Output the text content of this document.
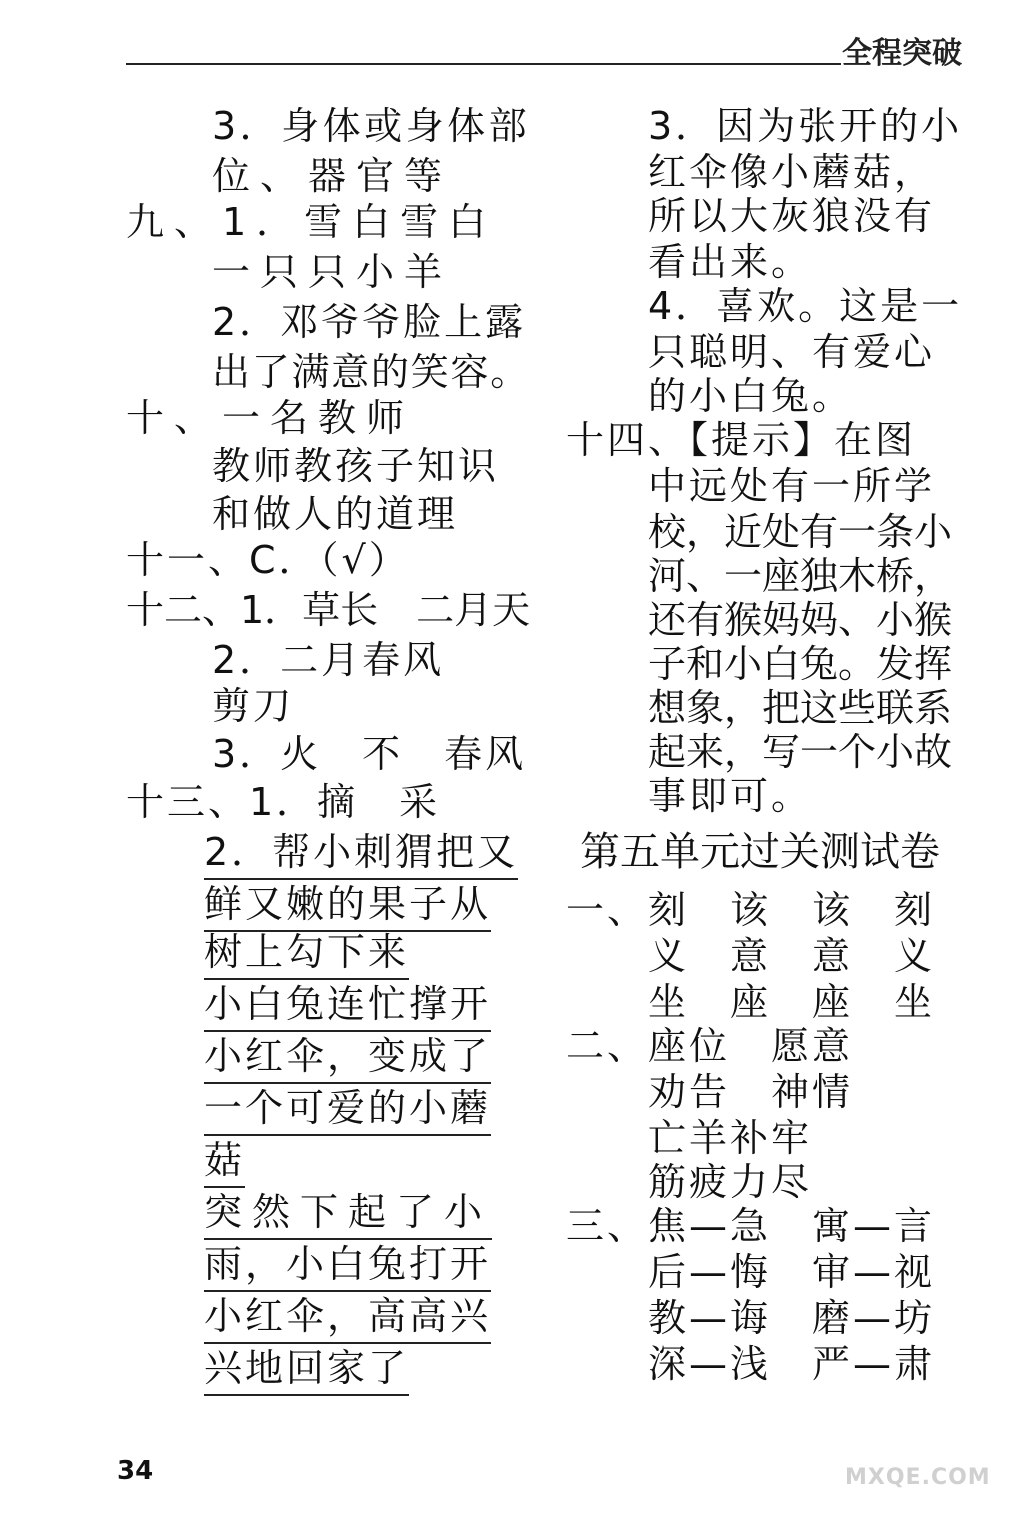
全程突破
3．身体或身体部
位、器官等
九、1．雪白雪白
一只只小羊
2．邓爷爷脸上露
出了满意的笑容。
十、一名教师
教师教孩子知识
和做人的道理
十一、C．（√）
十二、1．草长　二月天
2．二月春风
剪刀
3．火　不　春风
十三、1．摘　采
2．帮小刺猬把又
鲜又嫩的果子从
树上勾下来
小白兔连忙撑开
小红伞，变成了
一个可爱的小蘑
菇
突然下起了小
雨，小白兔打开
小红伞，高高兴
兴地回家了
3．因为张开的小
红伞像小蘑菇，
所以大灰狼没有
看出来。
4．喜欢。这是一
只聪明、有爱心
的小白兔。
十四、【提示】在图
中远处有一所学
校，近处有一条小
河、一座独木桥，
还有猴妈妈、小猴
子和小白兔。发挥
想象，把这些联系
起来，写一个小故
事即可。
第五单元过关测试卷
一、刻　该　该　刻
义　意　意　义
坐　座　座　坐
二、座位　愿意
劝告　神情
亡羊补牢
筋疲力尽
三、焦—急　寓—言
后—悔　审—视
教—诲　磨—坊
深—浅　严—肃
34	MXQE.COM
